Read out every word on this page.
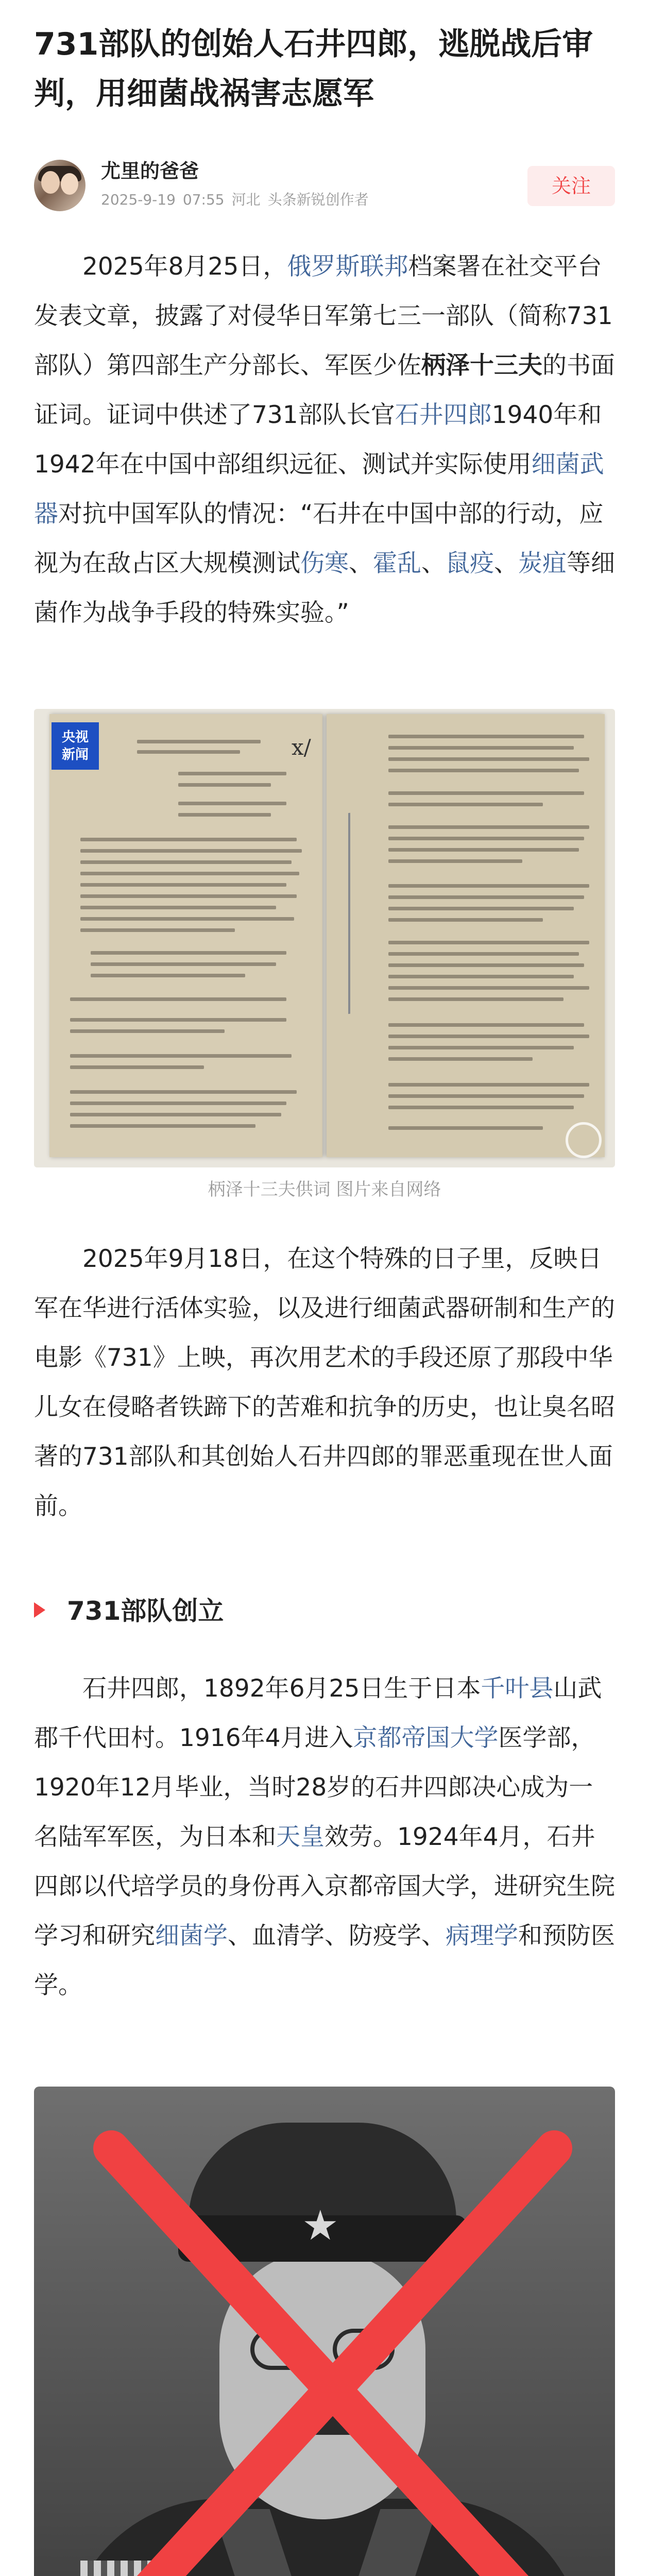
731部队的创始人石井四郎，逃脱战后审判，用细菌战祸害志愿军
尤里的爸爸
2025-9-19 07:55 河北 头条新锐创作者
关注

2025年8月25日，俄罗斯联邦档案署在社交平台发表文章，披露了对侵华日军第七三一部队（简称731部队）第四部生产分部长、军医少佐柄泽十三夫的书面证词。证词中供述了731部队长官石井四郎1940年和1942年在中国中部组织远征、测试并实际使用细菌武器对抗中国军队的情况：“石井在中国中部的行动，应视为在敌占区大规模测试伤寒、霍乱、鼠疫、炭疽等细菌作为战争手段的特殊实验。”

x/
央视
新闻
柄泽十三夫供词 图片来自网络

2025年9月18日，在这个特殊的日子里，反映日军在华进行活体实验，以及进行细菌武器研制和生产的电影《731》上映，再次用艺术的手段还原了那段中华儿女在侵略者铁蹄下的苦难和抗争的历史，也让臭名昭著的731部队和其创始人石井四郎的罪恶重现在世人面前。

731部队创立

石井四郎，1892年6月25日生于日本千叶县山武郡千代田村。1916年4月进入京都帝国大学医学部，1920年12月毕业，当时28岁的石井四郎决心成为一名陆军军医，为日本和天皇效劳。1924年4月，石井四郎以代培学员的身份再入京都帝国大学，进研究生院学习和研究细菌学、血清学、防疫学、病理学和预防医学。

★
